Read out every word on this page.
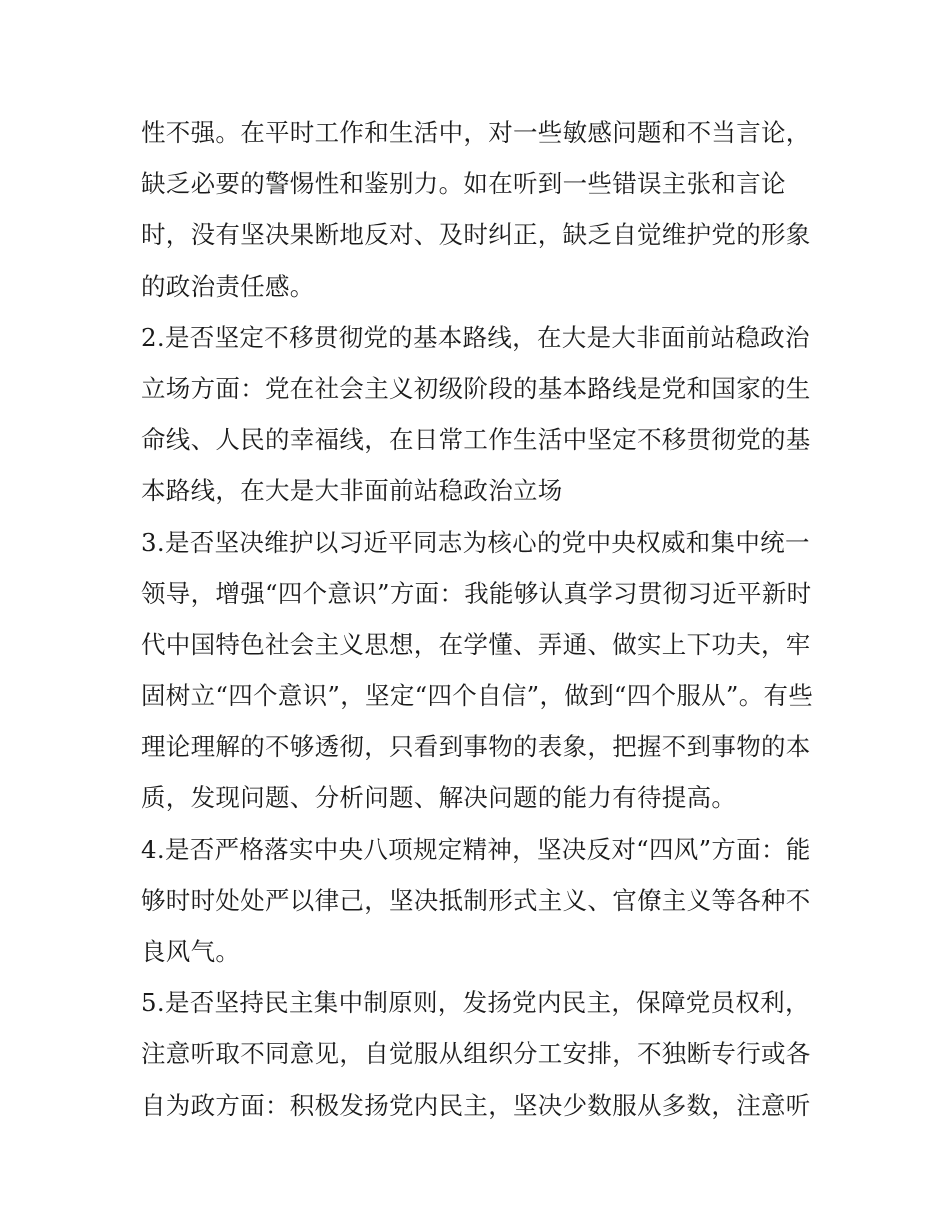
性不强。在平时工作和生活中，对一些敏感问题和不当言论，
缺乏必要的警惕性和鉴别力。如在听到一些错误主张和言论
时，没有坚决果断地反对、及时纠正，缺乏自觉维护党的形象
的政治责任感。
2.是否坚定不移贯彻党的基本路线，在大是大非面前站稳政治
立场方面：党在社会主义初级阶段的基本路线是党和国家的生
命线、人民的幸福线，在日常工作生活中坚定不移贯彻党的基
本路线，在大是大非面前站稳政治立场
3.是否坚决维护以习近平同志为核心的党中央权威和集中统一
领导，增强“四个意识”方面：我能够认真学习贯彻习近平新时
代中国特色社会主义思想，在学懂、弄通、做实上下功夫，牢
固树立“四个意识”，坚定“四个自信”，做到“四个服从”。有些
理论理解的不够透彻，只看到事物的表象，把握不到事物的本
质，发现问题、分析问题、解决问题的能力有待提高。
4.是否严格落实中央八项规定精神，坚决反对“四风”方面：能
够时时处处严以律己，坚决抵制形式主义、官僚主义等各种不
良风气。
5.是否坚持民主集中制原则，发扬党内民主，保障党员权利，
注意听取不同意见，自觉服从组织分工安排，不独断专行或各
自为政方面：积极发扬党内民主，坚决少数服从多数，注意听
